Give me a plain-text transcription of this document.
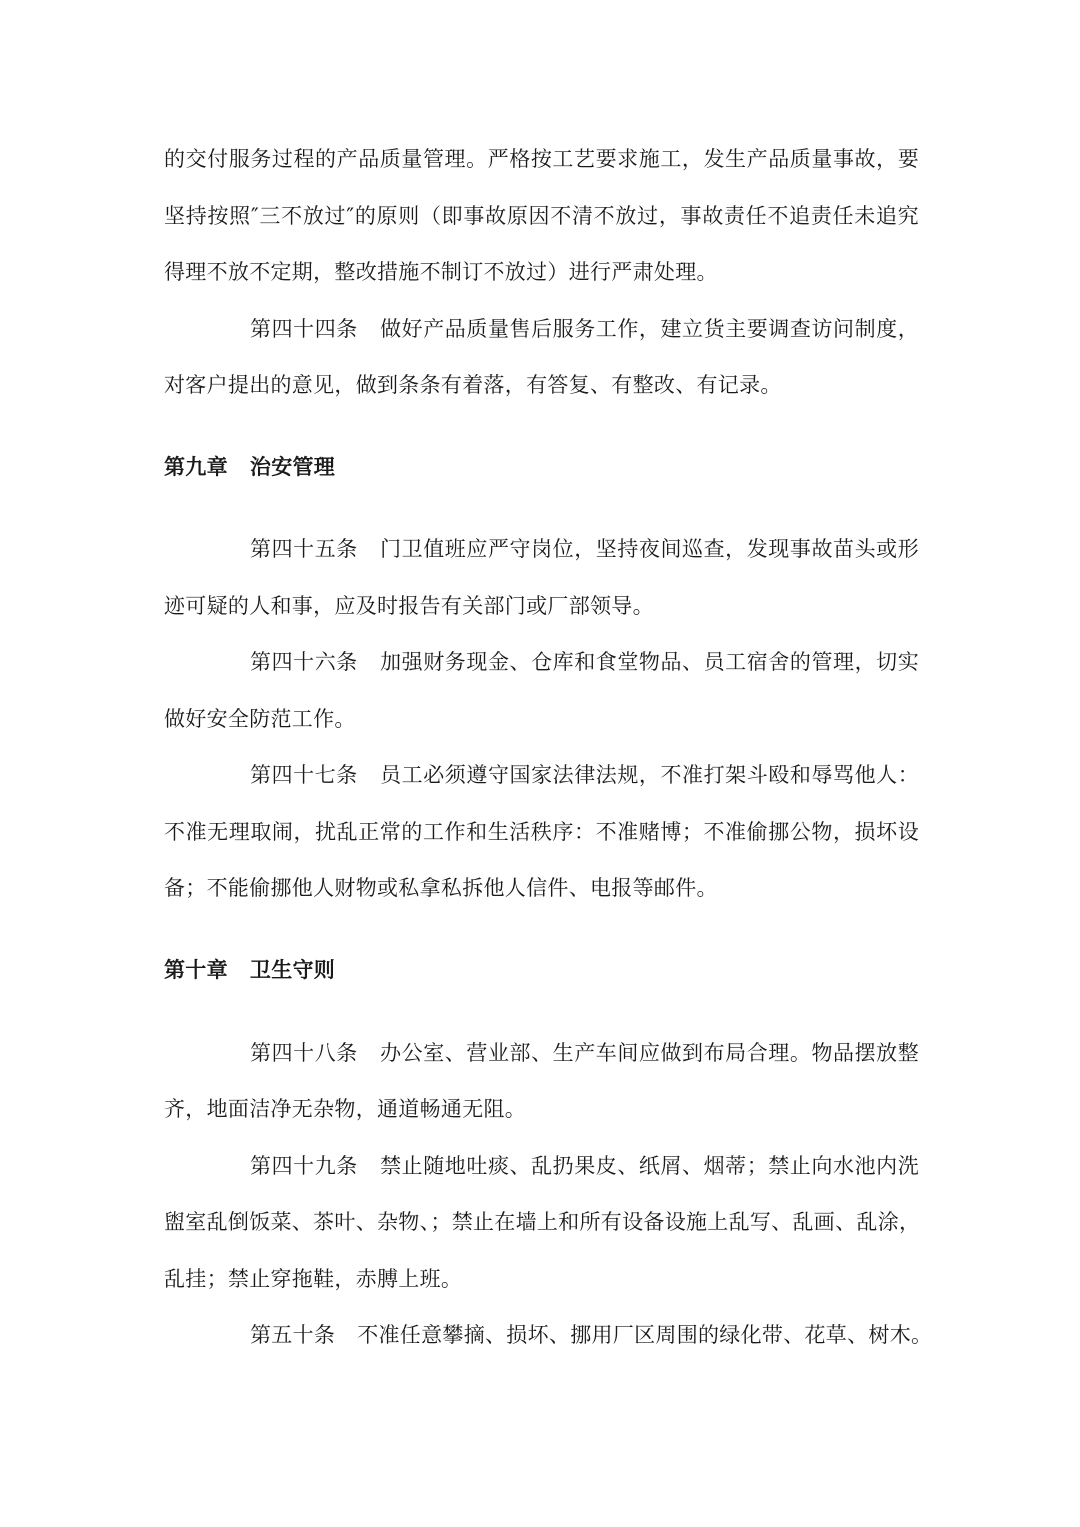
的交付服务过程的产品质量管理。严格按工艺要求施工，发生产品质量事故，要
坚持按照″三不放过″的原则（即事故原因不清不放过，事故责任不追责任未追究
得理不放不定期，整改措施不制订不放过）进行严肃处理。
第四十四条 做好产品质量售后服务工作，建立货主要调查访问制度，
对客户提出的意见，做到条条有着落，有答复、有整改、有记录。
第九章 治安管理
第四十五条 门卫值班应严守岗位，坚持夜间巡查，发现事故苗头或形
迹可疑的人和事，应及时报告有关部门或厂部领导。
第四十六条 加强财务现金、仓库和食堂物品、员工宿舍的管理，切实
做好安全防范工作。
第四十七条 员工必须遵守国家法律法规，不准打架斗殴和辱骂他人：
不准无理取闹，扰乱正常的工作和生活秩序：不准赌博；不准偷挪公物，损坏设
备；不能偷挪他人财物或私拿私拆他人信件、电报等邮件。
第十章 卫生守则
第四十八条 办公室、营业部、生产车间应做到布局合理。物品摆放整
齐，地面洁净无杂物，通道畅通无阻。
第四十九条 禁止随地吐痰、乱扔果皮、纸屑、烟蒂；禁止向水池内洗
盥室乱倒饭菜、茶叶、杂物、；禁止在墙上和所有设备设施上乱写、乱画、乱涂，
乱挂；禁止穿拖鞋，赤膊上班。
第五十条 不准任意攀摘、损坏、挪用厂区周围的绿化带、花草、树木。
